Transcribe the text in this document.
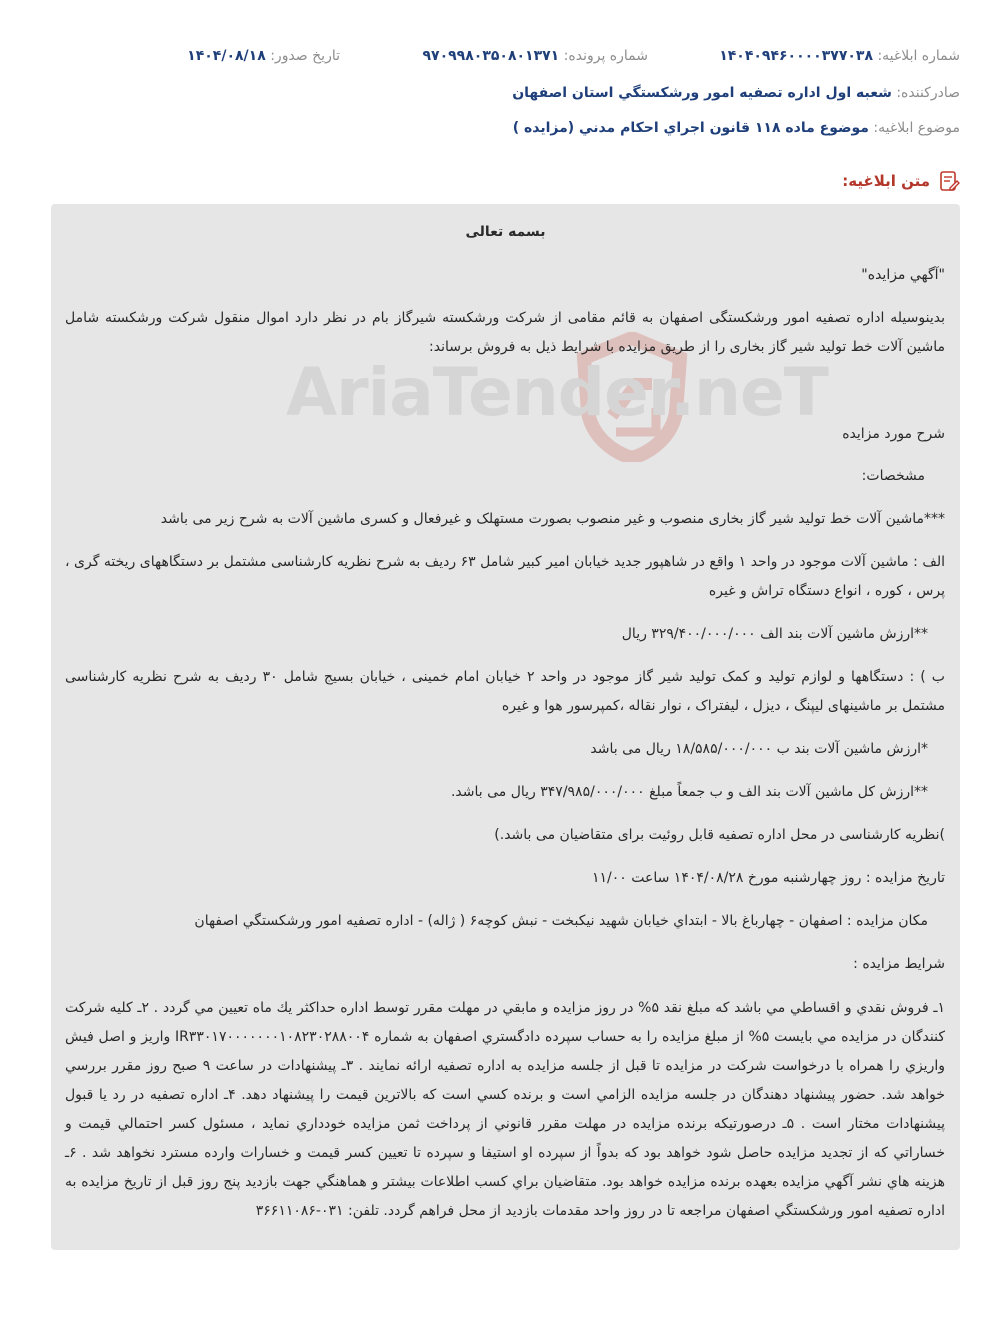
شماره ابلاغیه: ۱۴۰۴۰۹۴۶۰۰۰۰۳۷۷۰۳۸
شماره پرونده: ۹۷۰۹۹۸۰۳۵۰۸۰۱۳۷۱
تاریخ صدور: ۱۴۰۴/۰۸/۱۸
صادرکننده: شعبه اول اداره تصفيه امور ورشكستگي استان اصفهان
موضوع ابلاغیه: موضوع ماده ۱۱۸ قانون اجراي احكام مدني (مزايده )
متن ابلاغیه:
AriaTender.neT
بسمه تعالی
"آگهي مزايده"
بدینوسیله اداره تصفیه امور ورشکستگی اصفهان به قائم مقامی از شرکت ورشکسته شیرگاز بام در نظر دارد اموال منقول شرکت ورشکسته شامل ماشین آلات خط تولید شیر گاز بخاری را از طریق مزایده با شرایط ذیل به فروش برساند:
شرح مورد مزایده
مشخصات:
***ماشین آلات خط تولید شیر گاز بخاری منصوب و غیر منصوب بصورت مستهلک و غیرفعال و کسری ماشین آلات به شرح زیر می باشد
الف : ماشین آلات موجود در واحد ۱ واقع در شاهپور جدید خیابان امیر کبیر شامل ۶۳ ردیف به شرح نظریه کارشناسی مشتمل بر دستگاههای ریخته گری ، پرس ، کوره ، انواع دستگاه تراش و غیره
**ارزش ماشین آلات بند الف ۳۲۹/۴۰۰/۰۰۰/۰۰۰ ریال
ب ) : دستگاهها و لوازم تولید و کمک تولید شیر گاز موجود در واحد ۲ خیابان امام خمینی ، خیابان بسیج شامل ۳۰ ردیف به شرح نظریه کارشناسی مشتمل بر ماشینهای لیپنگ ، دیزل ، لیفتراک ، نوار نقاله ،کمپرسور هوا و غیره
*ارزش ماشین آلات بند ب ۱۸/۵۸۵/۰۰۰/۰۰۰ ریال می باشد
**ارزش کل ماشین آلات بند الف و ب جمعاً مبلغ ۳۴۷/۹۸۵/۰۰۰/۰۰۰ ریال می باشد.
)نظریه کارشناسی در محل اداره تصفیه قابل روئیت برای متقاضیان می باشد.)
تاريخ مزايده : روز چهارشنبه مورخ ۱۴۰۴/۰۸/۲۸ ساعت ۱۱/۰۰
مكان مزايده : اصفهان - چهارباغ بالا - ابتداي خيابان شهيد نيكبخت - نبش كوچه۶ ( ژاله) - اداره تصفيه امور ورشكستگي اصفهان
شرايط مزايده :
۱ـ فروش نقدي و اقساطي مي باشد كه مبلغ نقد ۵% در روز مزايده و مابقي در مهلت مقرر توسط اداره حداكثر يك ماه تعيين مي گردد . ۲ـ كليه شركت كنندگان در مزايده مي بايست ۵% از مبلغ مزايده را به حساب سپرده دادگستري اصفهان به شماره IR۳۳۰۱۷۰۰۰۰۰۰۰۱۰۸۲۳۰۲۸۸۰۰۴ واريز و اصل فيش واريزي را همراه با درخواست شركت در مزايده تا قبل از جلسه مزايده به اداره تصفيه ارائه نمايند . ۳ـ پيشنهادات در ساعت ۹ صبح روز مقرر بررسي خواهد شد. حضور پيشنهاد دهندگان در جلسه مزايده الزامي است و برنده كسي است كه بالاترين قيمت را پيشنهاد دهد. ۴ـ اداره تصفيه در رد يا قبول پيشنهادات مختار است . ۵ـ درصورتيكه برنده مزايده در مهلت مقرر قانوني از پرداخت ثمن مزايده خودداري نمايد ، مسئول كسر احتمالي قيمت و خساراتي كه از تجديد مزايده حاصل شود خواهد بود كه بدواً از سپرده او استيفا و سپرده تا تعيين كسر قيمت و خسارات وارده مسترد نخواهد شد . ۶ـ هزينه هاي نشر آگهي مزايده بعهده برنده مزايده خواهد بود. متقاضيان براي كسب اطلاعات بيشتر و هماهنگي جهت بازديد پنج روز قبل از تاريخ مزايده به اداره تصفيه امور ورشكستگي اصفهان مراجعه تا در روز واحد مقدمات بازديد از محل فراهم گردد. تلفن: ۰۳۱-۳۶۶۱۱۰۸۶
